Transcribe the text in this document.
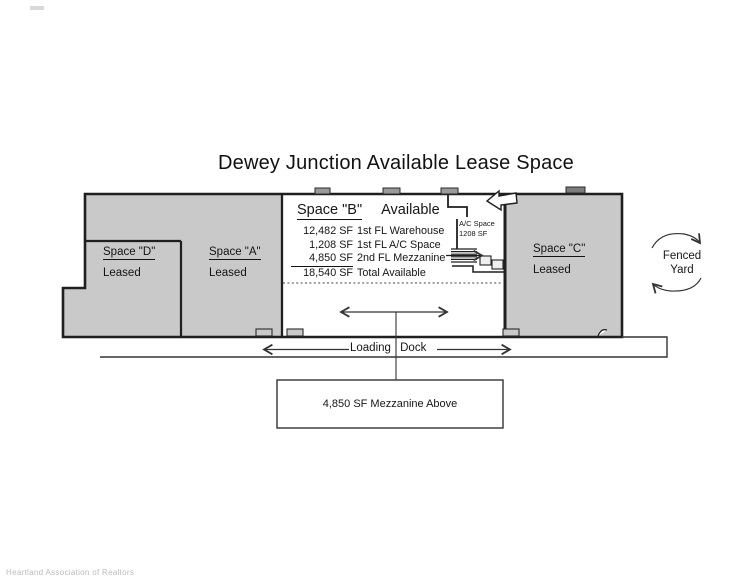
Dewey Junction Available Lease Space
Space "D"
Leased
Space "A"
Leased
Space "C"
Leased
Space "B" Available
12,482 SF 1st FL Warehouse
1,208 SF 1st FL A/C Space
4,850 SF 2nd FL Mezzanine
18,540 SF Total Available
A/C Space
1208 SF
Fenced
Yard
Loading Dock
4,850 SF Mezzanine Above
Heartland Association of Realtors
